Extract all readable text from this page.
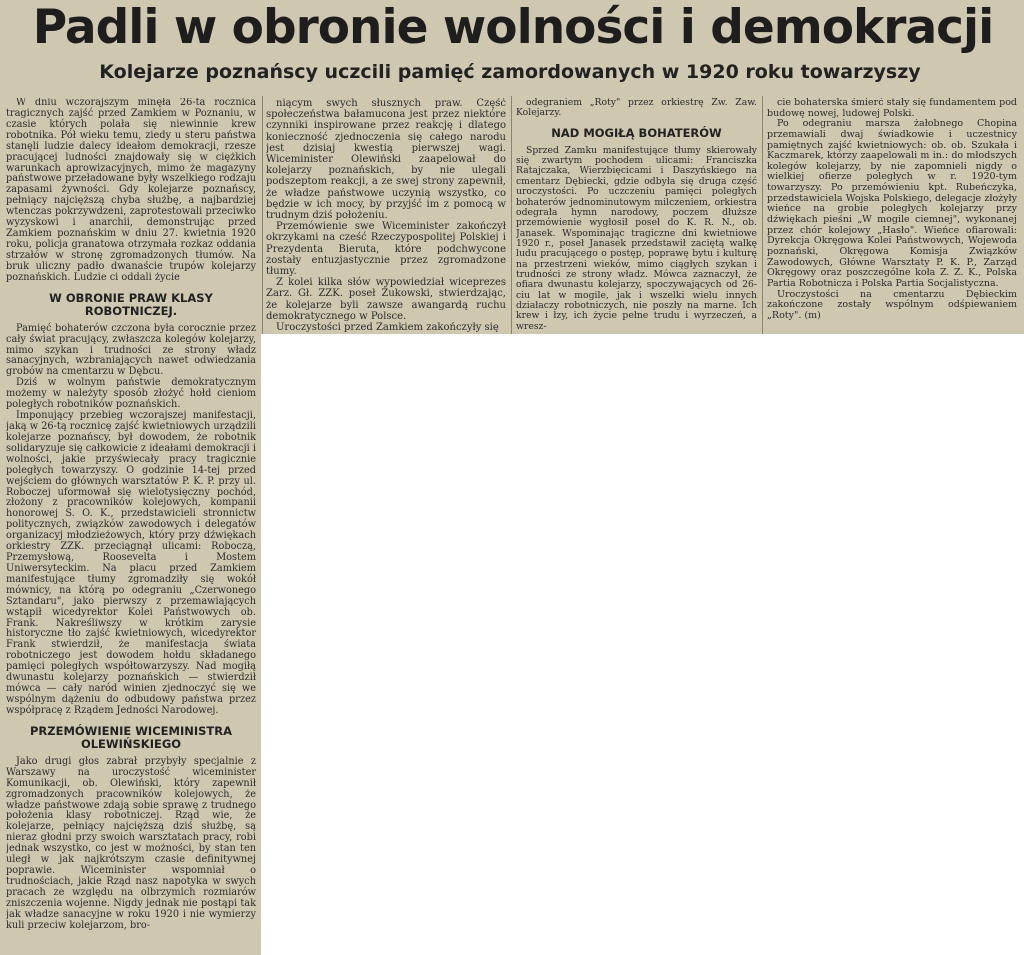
Padli w obronie wolności i demokracji
Kolejarze poznańscy uczcili pamięć zamordowanych w 1920 roku towarzyszy

W dniu wczorajszym minęła 26-ta rocznica tragicznych zajść przed Zamkiem w Poznaniu, w czasie których polała się niewinnie krew robotnika. Pół wieku temu, ziedy u steru państwa stanęli ludzie dalecy ideałom demokracji, rzesze pracującej ludności znajdowały się w ciężkich warunkach aprowizacyjnych, mimo że magazyny państwowe przeładowane były wszelkiego rodzaju zapasami żywności. Gdy kolejarze poznańscy, pełniący najcięższą chyba służbę, a najbardziej wtenczas pokrzywdzeni, zaprotestowali przeciwko wyzyskowi i anarchii, demonstrując przed Zamkiem poznańskim w dniu 27. kwietnia 1920 roku, policja granatowa otrzymała rozkaz oddania strzałów w stronę zgromadzonych tłumów. Na bruk uliczny padło dwanaście trupów kolejarzy poznańskich. Ludzie ci oddali życie

W OBRONIE PRAW KLASY ROBOTNICZEJ.

Pamięć bohaterów czczona była corocznie przez cały świat pracujący, zwłaszcza kolegów kolejarzy, mimo szykan i trudności ze strony władz sanacyjnych, wzbraniających nawet odwiedzania grobów na cmentarzu w Dębcu.

Dziś w wolnym państwie demokratycznym możemy w należyty sposób złożyć hołd cieniom poległych robotników poznańskich.

Imponujący przebieg wczorajszej manifestacji, jaką w 26-tą rocznicę zajść kwietniowych urządzili kolejarze poznańscy, był dowodem, że robotnik solidaryzuje się całkowicie z ideałami demokracji i wolności, jakie przyświecały pracy tragicznie poległych towarzyszy. O godzinie 14-tej przed wejściem do głównych warsztatów P. K. P. przy ul. Roboczej uformował się wielotysięczny pochód, złożony z pracowników kolejowych, kompanii honorowej S. O. K., przedstawicieli stronnictw politycznych, związków zawodowych i delegatów organizacyj młodzieżowych, który przy dźwiękach orkiestry ZZK. przeciągnął ulicami: Roboczą, Przemysłową, Roosevelta i Mostem Uniwersyteckim. Na placu przed Zamkiem manifestujące tłumy zgromadziły się wokół mównicy, na którą po odegraniu „Czerwonego Sztandaru", jako pierwszy z przemawiających wstąpił wicedyrektor Kolei Państwowych ob. Frank. Nakreśliwszy w krótkim zarysie historyczne tło zajść kwietniowych, wicedyrektor Frank stwierdził, że manifestacja świata robotniczego jest dowodem hołdu składanego pamięci poległych współtowarzyszy. Nad mogiłą dwunastu kolejarzy poznańskich — stwierdził mówca — cały naród winien zjednoczyć się we wspólnym dążeniu do odbudowy państwa przez współpracę z Rządem Jedności Narodowej.

PRZEMÓWIENIE WICEMINISTRA OLEWIŃSKIEGO

Jako drugi głos zabrał przybyły specjalnie z Warszawy na uroczystość wiceminister Komunikacji, ob. Olewiński, który zapewnił zgromadzonych pracowników kolejowych, że władze państwowe zdają sobie sprawę z trudnego położenia klasy robotniczej. Rząd wie, że kolejarze, pełniący najcięższą dziś służbę, są nieraz głodni przy swoich warsztatach pracy, robi jednak wszystko, co jest w możności, by stan ten uległ w jak najkrótszym czasie definitywnej poprawie. Wiceminister wspomniał o trudnościach, jakie Rząd nasz napotyka w swych pracach ze względu na olbrzymich rozmiarów zniszczenia wojenne. Nigdy jednak nie postąpi tak jak władze sanacyjne w roku 1920 i nie wymierzy kuli przeciw kolejarzom, bro-

niącym swych słusznych praw. Część społeczeństwa bałamucona jest przez niektóre czynniki inspirowane przez reakcję i dlatego konieczność zjednoczenia się całego narodu jest dzisiaj kwestią pierwszej wagi. Wiceminister Olewiński zaapelował do kolejarzy poznańskich, by nie ulegali podszeptom reakcji, a ze swej strony zapewnił, że władze państwowe uczynią wszystko, co będzie w ich mocy, by przyjść im z pomocą w trudnym dziś położeniu.

Przemówienie swe Wiceminister zakończył okrzykami na cześć Rzeczypospolitej Polskiej i Prezydenta Bieruta, które podchwycone zostały entuzjastycznie przez zgromadzone tłumy.

Z kolei kilka słów wypowiedział wiceprezes Zarz. Gł. ZZK. poseł Żukowski, stwierdzając, że kolejarze byli zawsze awangardą ruchu demokratycznego w Polsce.

Uroczystości przed Zamkiem zakończyły się

odegraniem „Roty" przez orkiestrę Zw. Zaw. Kolejarzy.

NAD MOGIŁĄ BOHATERÓW

Sprzed Zamku manifestujące tłumy skierowały się zwartym pochodem ulicami: Franciszka Ratajczaka, Wierzbięcicami i Daszyńskiego na cmentarz Dębiecki, gdzie odbyła się druga część uroczystości. Po uczczeniu pamięci poległych bohaterów jednominutowym milczeniem, orkiestra odegrała hymn narodowy, poczem dłuższe przemówienie wygłosił poseł do K. R. N., ob. Janasek. Wspominając tragiczne dni kwietniowe 1920 r., poseł Janasek przedstawił zaciętą walkę ludu pracującego o postęp, poprawę bytu i kulturę na przestrzeni wieków, mimo ciągłych szykan i trudności ze strony władz. Mówca zaznaczył, że ofiara dwunastu kolejarzy, spoczywających od 26-ciu lat w mogile, jak i wszelki wielu innych działaczy robotniczych, nie poszły na marne. Ich krew i łzy, ich życie pełne trudu i wyrzeczeń, a wresz-

cie bohaterska śmierć stały się fundamentem pod budowę nowej, ludowej Polski.

Po odegraniu marsza żałobnego Chopina przemawiali dwaj świadkowie i uczestnicy pamiętnych zajść kwietniowych: ob. ob. Szukała i Kaczmarek, którzy zaapelowali m in.: do młodszych kolegów kolejarzy, by nie zapomnieli nigdy o wielkiej ofierze poległych w r. 1920-tym towarzyszy. Po przemówieniu kpt. Rubeńczyka, przedstawiciela Wojska Polskiego, delegacje złożyły wieńce na grobie poległych kolejarzy przy dźwiękach pieśni „W mogile ciemnej", wykonanej przez chór kolejowy „Hasło". Wieńce ofiarowali: Dyrekcja Okręgowa Kolei Państwowych, Wojewoda poznański, Okręgowa Komisja Związków Zawodowych, Główne Warsztaty P. K. P., Zarząd Okręgowy oraz poszczególne koła Z. Z. K., Polska Partia Robotnicza i Polska Partia Socjalistyczna.

Uroczystości na cmentarzu Dębieckim zakończone zostały wspólnym odśpiewaniem „Roty". (m)
